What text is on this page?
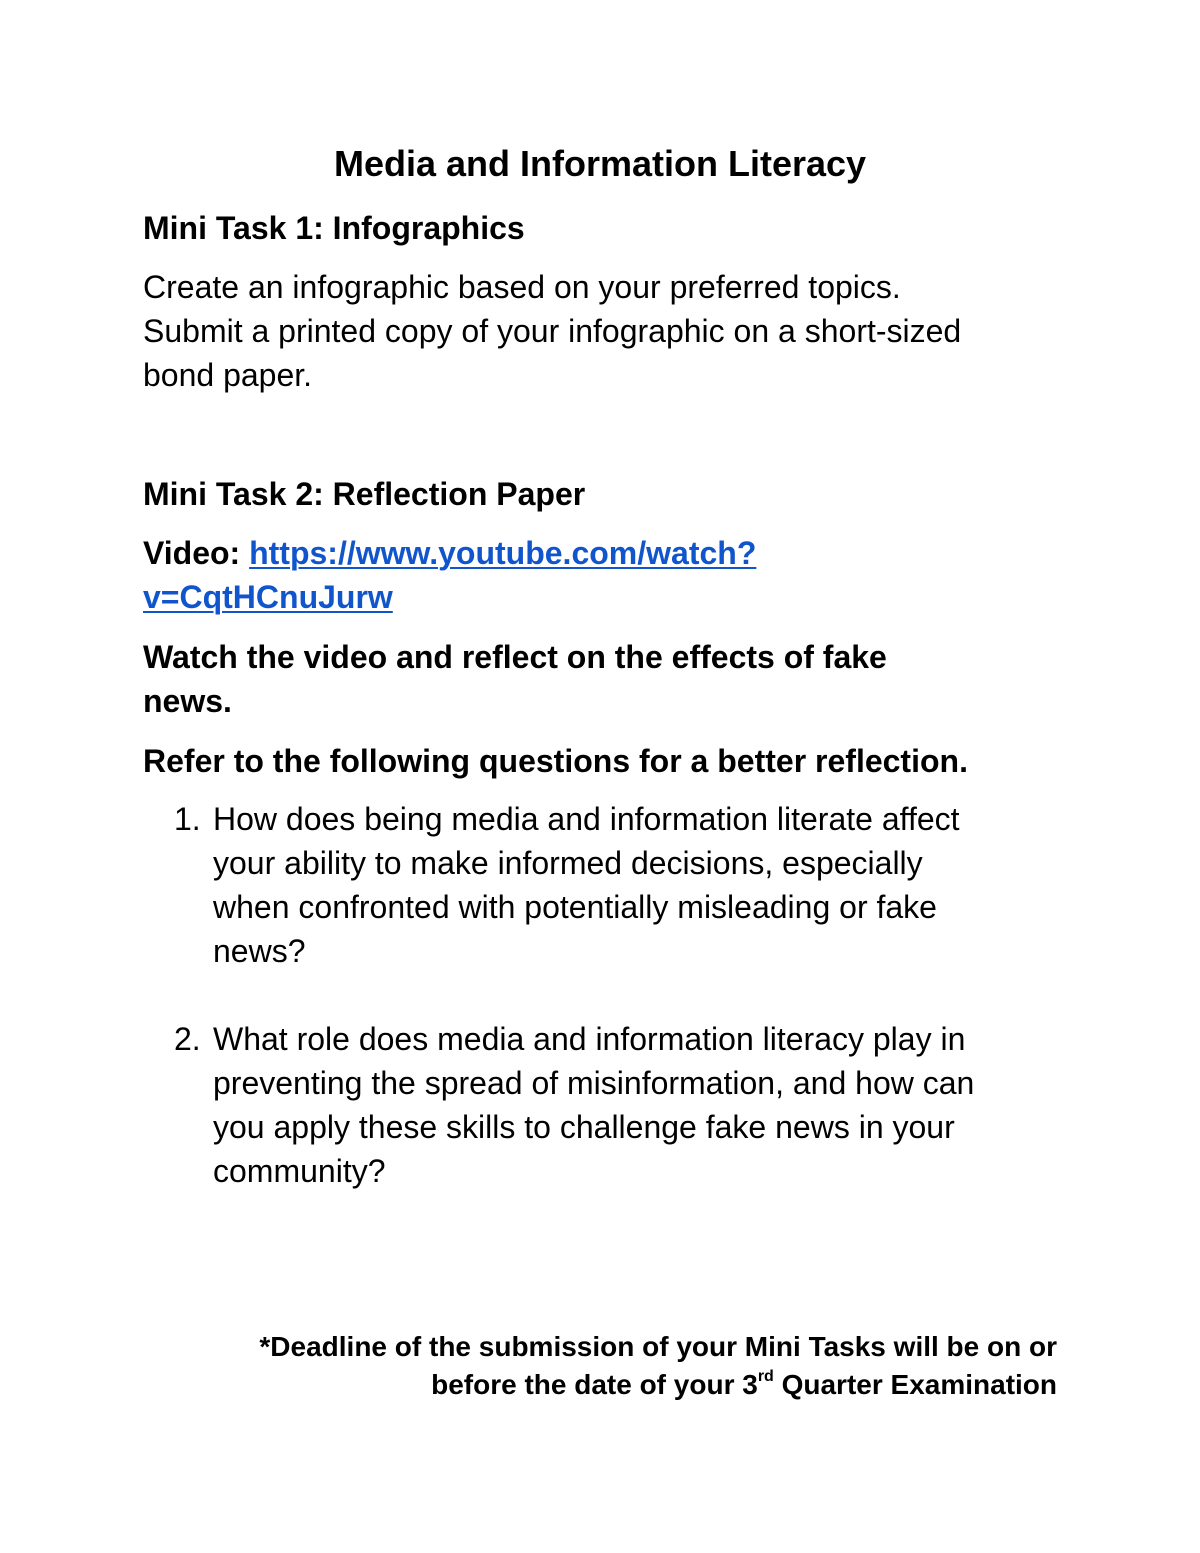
Media and Information Literacy
Mini Task 1: Infographics
Create an infographic based on your preferred topics.
Submit a printed copy of your infographic on a short-sized
bond paper.
Mini Task 2: Reflection Paper
Video: https://www.youtube.com/watch?
v=CqtHCnuJurw
Watch the video and reflect on the effects of fake
news.
Refer to the following questions for a better reflection.
1. How does being media and information literate affect
your ability to make informed decisions, especially
when confronted with potentially misleading or fake
news?
2. What role does media and information literacy play in
preventing the spread of misinformation, and how can
you apply these skills to challenge fake news in your
community?
*Deadline of the submission of your Mini Tasks will be on or
before the date of your 3rd Quarter Examination
